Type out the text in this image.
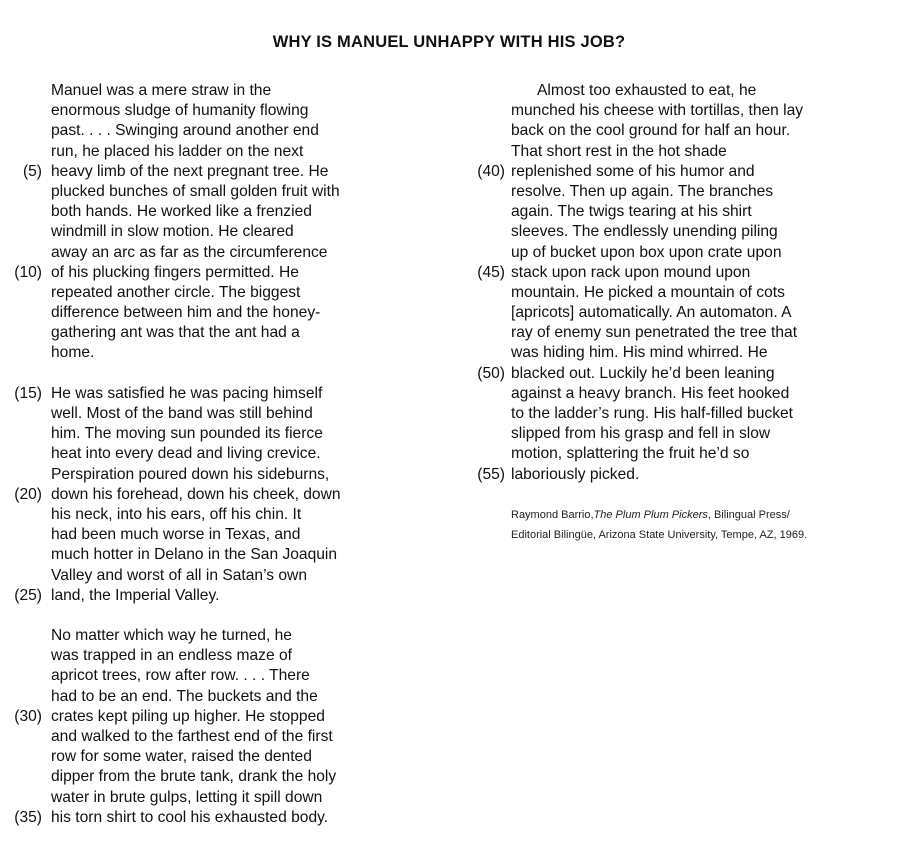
WHY IS MANUEL UNHAPPY WITH HIS JOB?
Manuel was a mere straw in the
enormous sludge of humanity flowing
past. . . . Swinging around another end
run, he placed his ladder on the next
(5) heavy limb of the next pregnant tree. He
plucked bunches of small golden fruit with
both hands. He worked like a frenzied
windmill in slow motion. He cleared
away an arc as far as the circumference
(10) of his plucking fingers permitted. He
repeated another circle. The biggest
difference between him and the honey-
gathering ant was that the ant had a
home.
(15) He was satisfied he was pacing himself
well. Most of the band was still behind
him. The moving sun pounded its fierce
heat into every dead and living crevice.
Perspiration poured down his sideburns,
(20) down his forehead, down his cheek, down
his neck, into his ears, off his chin. It
had been much worse in Texas, and
much hotter in Delano in the San Joaquin
Valley and worst of all in Satan’s own
(25) land, the Imperial Valley.
No matter which way he turned, he
was trapped in an endless maze of
apricot trees, row after row. . . . There
had to be an end. The buckets and the
(30) crates kept piling up higher. He stopped
and walked to the farthest end of the first
row for some water, raised the dented
dipper from the brute tank, drank the holy
water in brute gulps, letting it spill down
(35) his torn shirt to cool his exhausted body.
Almost too exhausted to eat, he
munched his cheese with tortillas, then lay
back on the cool ground for half an hour.
That short rest in the hot shade
(40) replenished some of his humor and
resolve. Then up again. The branches
again. The twigs tearing at his shirt
sleeves. The endlessly unending piling
up of bucket upon box upon crate upon
(45) stack upon rack upon mound upon
mountain. He picked a mountain of cots
[apricots] automatically. An automaton. A
ray of enemy sun penetrated the tree that
was hiding him. His mind whirred. He
(50) blacked out. Luckily he’d been leaning
against a heavy branch. His feet hooked
to the ladder’s rung. His half-filled bucket
slipped from his grasp and fell in slow
motion, splattering the fruit he’d so
(55) laboriously picked.
Raymond Barrio,The Plum Plum Pickers, Bilingual Press/
Editorial Bilingüe, Arizona State University, Tempe, AZ, 1969.
